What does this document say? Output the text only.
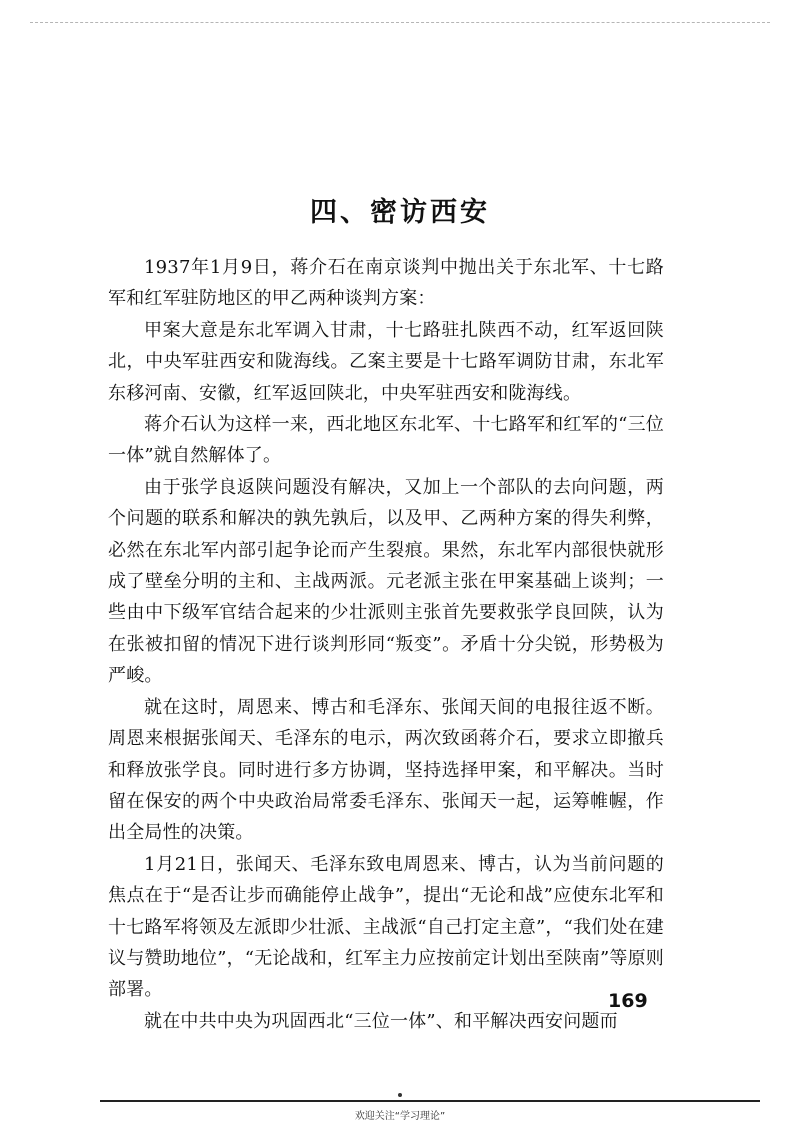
四、密访西安

1937年1月9日，蒋介石在南京谈判中抛出关于东北军、十七路军和红军驻防地区的甲乙两种谈判方案：

甲案大意是东北军调入甘肃，十七路驻扎陕西不动，红军返回陕北，中央军驻西安和陇海线。乙案主要是十七路军调防甘肃，东北军东移河南、安徽，红军返回陕北，中央军驻西安和陇海线。

蒋介石认为这样一来，西北地区东北军、十七路军和红军的“三位一体”就自然解体了。

由于张学良返陕问题没有解决，又加上一个部队的去向问题，两个问题的联系和解决的孰先孰后，以及甲、乙两种方案的得失利弊，必然在东北军内部引起争论而产生裂痕。果然，东北军内部很快就形成了壁垒分明的主和、主战两派。元老派主张在甲案基础上谈判；一些由中下级军官结合起来的少壮派则主张首先要救张学良回陕，认为在张被扣留的情况下进行谈判形同“叛变”。矛盾十分尖锐，形势极为严峻。

就在这时，周恩来、博古和毛泽东、张闻天间的电报往返不断。周恩来根据张闻天、毛泽东的电示，两次致函蒋介石，要求立即撤兵和释放张学良。同时进行多方协调，坚持选择甲案，和平解决。当时留在保安的两个中央政治局常委毛泽东、张闻天一起，运筹帷幄，作出全局性的决策。

1月21日，张闻天、毛泽东致电周恩来、博古，认为当前问题的焦点在于“是否让步而确能停止战争”，提出“无论和战”应使东北军和十七路军将领及左派即少壮派、主战派“自己打定主意”，“我们处在建议与赞助地位”，“无论战和，红军主力应按前定计划出至陕南”等原则部署。

就在中共中央为巩固西北“三位一体”、和平解决西安问题而

169
欢迎关注“学习理论”
